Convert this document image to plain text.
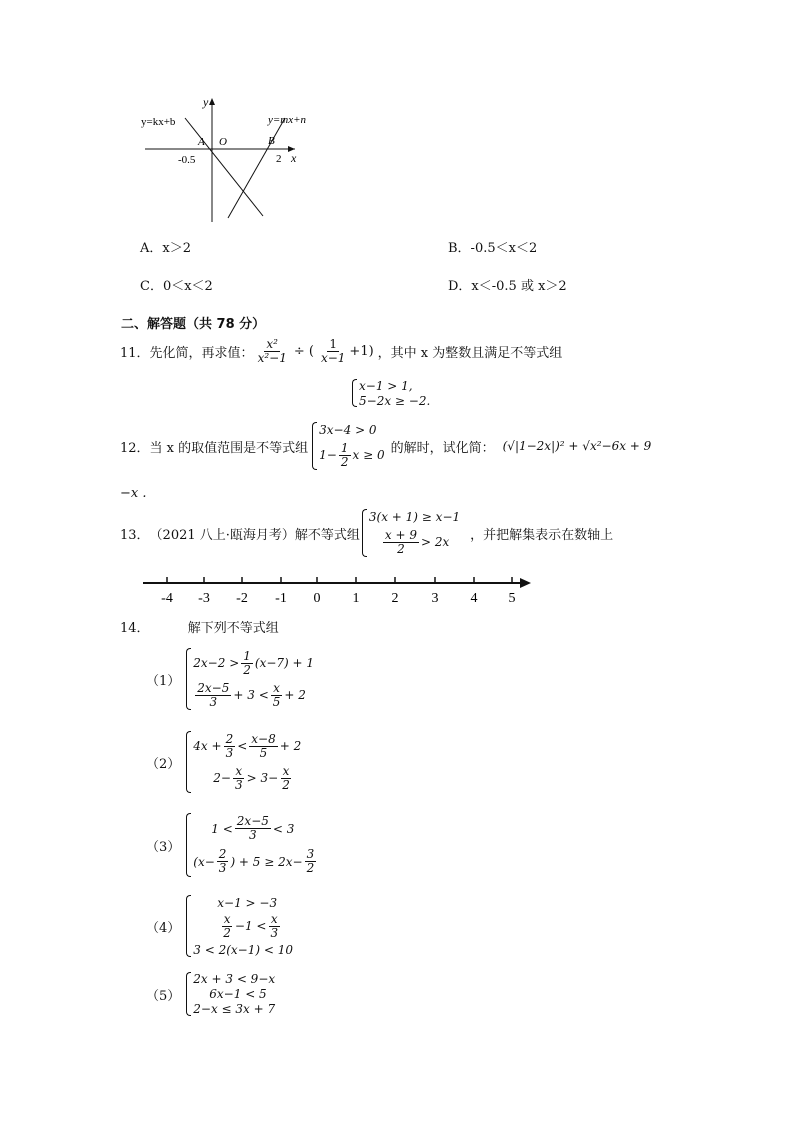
y
x
O
A	B
y=kx+b	y=mx+n
-0.5	2
A．x＞2	B．-0.5＜x＜2
C．0＜x＜2	D．x＜-0.5 或 x＞2
二、解答题（共 78 分）
11． 先化简，再求值： $\frac{\text{x²}}{\text{x²−1}}$ ÷ ( $\frac{1}{x-1} +1$) ，其中 x 为整数且满足不等式组
x−1 > 1,
5−2x ≥ −2.
12． 当 x 的取值范围是不等式组
3x−4 > 0
$1- \frac{1}{2}$ x ≥ 0 的解时，试化简： (√|1−2x|)² + √x²−6x + 9
−x .
13． （2021 八上·瓯海月考）解不等式组
3(x + 1) ≥ x−1
$\frac{x + 9}{2} > 2x$	，并把解集表示在数轴上
-4 -3 -2 -1 0 1 2 3 4 5
14．	解下列不等式组
（1）
$2x-2 > \frac{1}{2} (x-7) + 1$
$\frac{2x-5}{3} + 3 < \frac{x}{5} + 2$
（2）
$4x + \frac{2}{3} < \frac{x-8}{5} + 2$
$2- \frac{x}{3} > 3- \frac{x}{2}$
（3）
$1 < \frac{2x-5}{3} < 3$
($x- \frac{2}{3}$ ) + $5 \ge 2x- \frac{3}{2}$
（4）
x−1 > −3
$\frac{x}{2} -1 < \frac{x}{3}$
3 < 2(x−1) < 10
（5）
2x + 3 < 9−x
6x−1 < 5
2−x ≤ 3x + 7
